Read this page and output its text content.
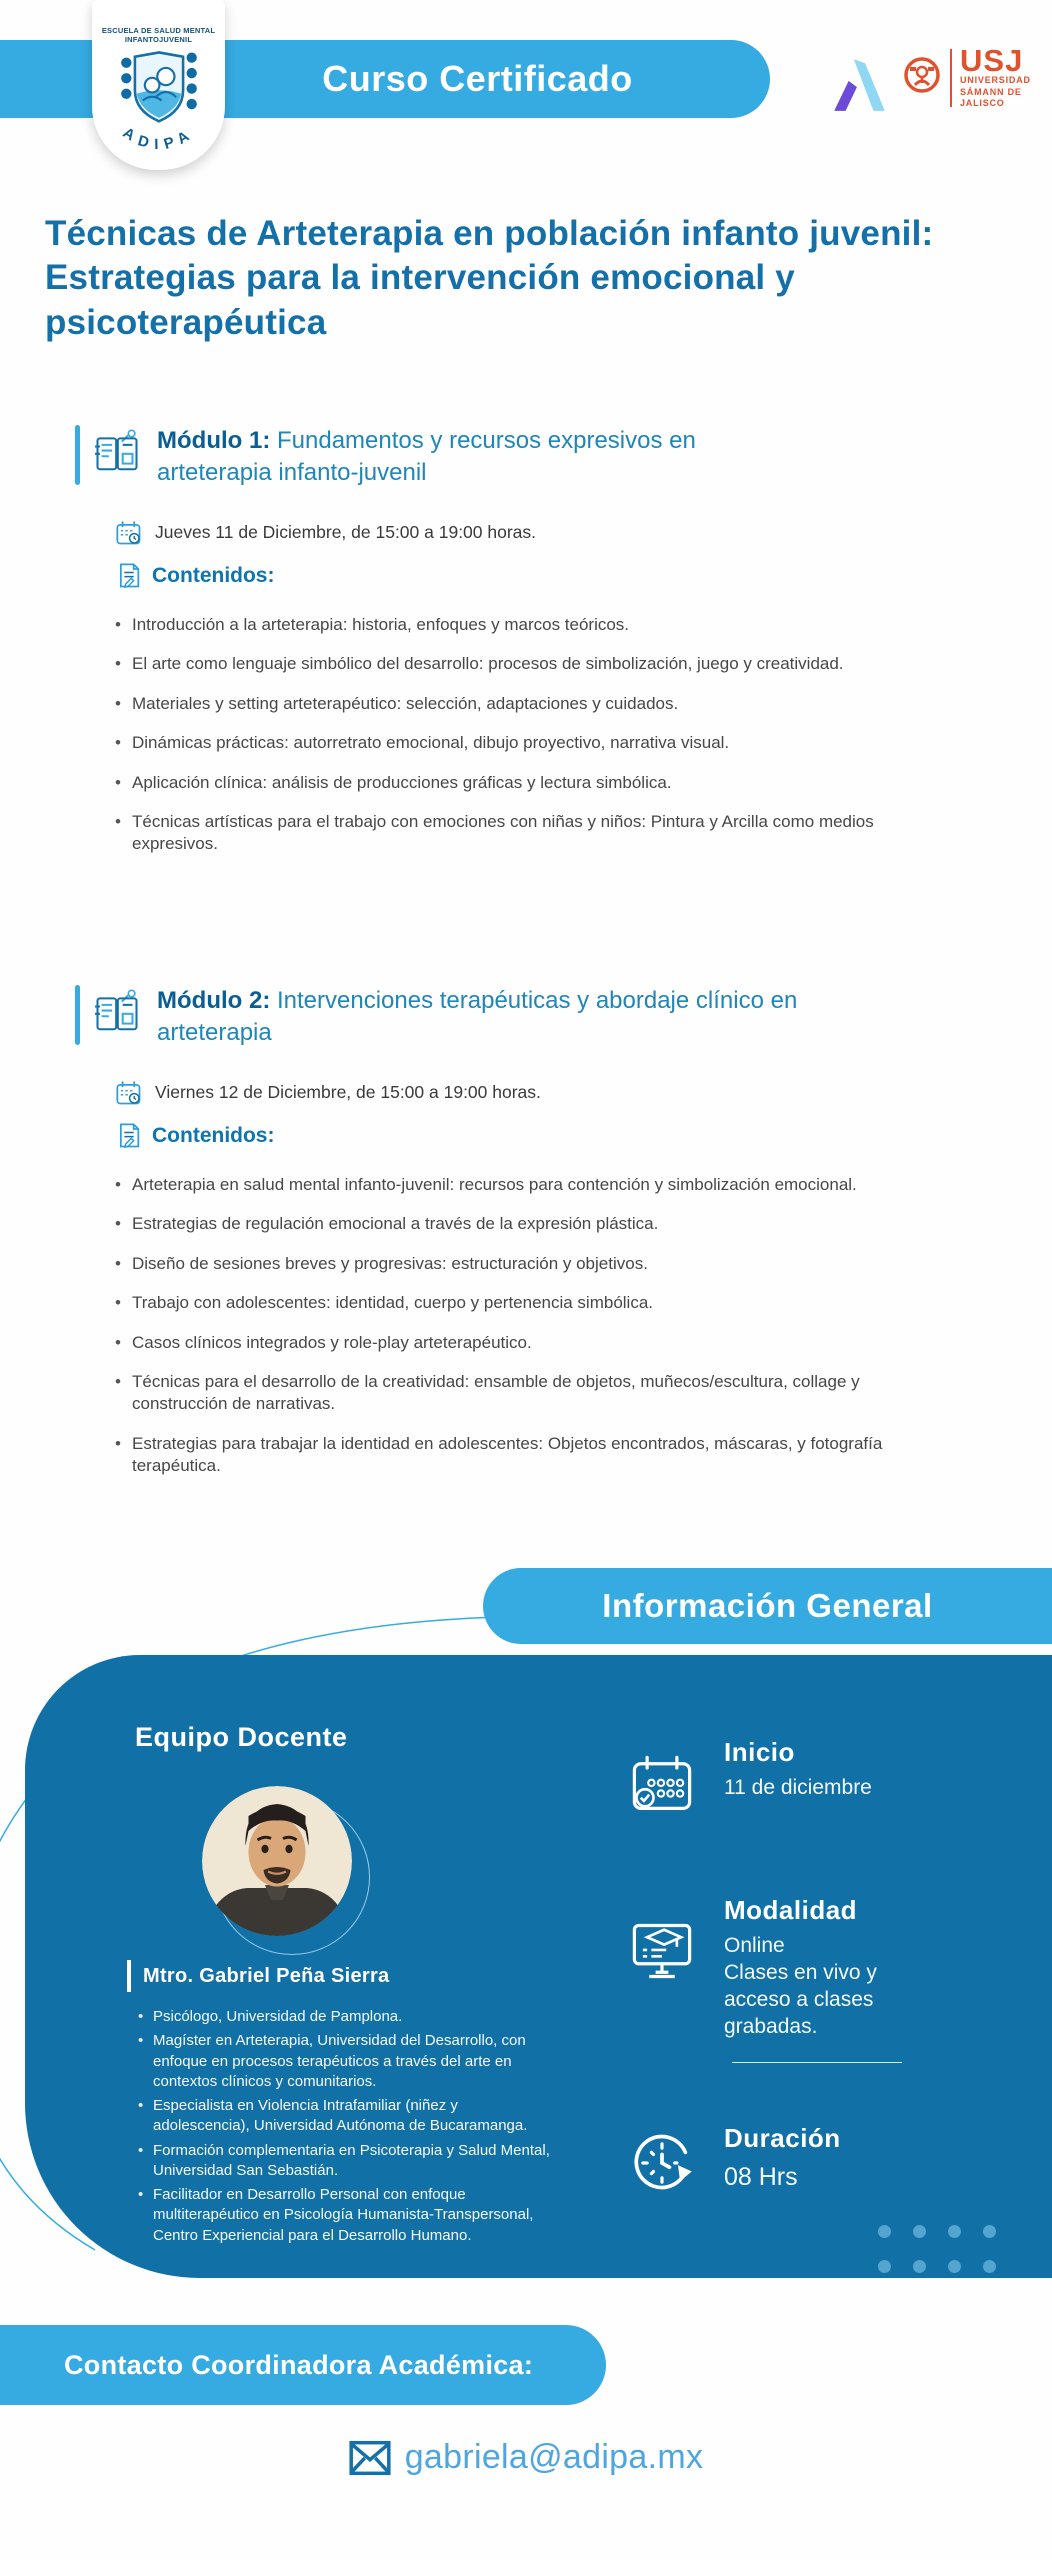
Curso Certificado
ESCUELA DE SALUD MENTAL
INFANTOJUVENIL
ADIPA
USJ
UNIVERSIDAD
SÁMANN DE
JALISCO
Técnicas de Arteterapia en población infanto juvenil: Estrategias para la intervención emocional y psicoterapéutica
Módulo 1: Fundamentos y recursos expresivos en arteterapia infanto-juvenil
Jueves 11 de Diciembre, de 15:00 a 19:00 horas.
Contenidos:
• Introducción a la arteterapia: historia, enfoques y marcos teóricos.
• El arte como lenguaje simbólico del desarrollo: procesos de simbolización, juego y creatividad.
• Materiales y setting arteterapéutico: selección, adaptaciones y cuidados.
• Dinámicas prácticas: autorretrato emocional, dibujo proyectivo, narrativa visual.
• Aplicación clínica: análisis de producciones gráficas y lectura simbólica.
• Técnicas artísticas para el trabajo con emociones con niñas y niños: Pintura y Arcilla como medios expresivos.
Módulo 2: Intervenciones terapéuticas y abordaje clínico en arteterapia
Viernes 12 de Diciembre, de 15:00 a 19:00 horas.
Contenidos:
• Arteterapia en salud mental infanto-juvenil: recursos para contención y simbolización emocional.
• Estrategias de regulación emocional a través de la expresión plástica.
• Diseño de sesiones breves y progresivas: estructuración y objetivos.
• Trabajo con adolescentes: identidad, cuerpo y pertenencia simbólica.
• Casos clínicos integrados y role-play arteterapéutico.
• Técnicas para el desarrollo de la creatividad: ensamble de objetos, muñecos/escultura, collage y construcción de narrativas.
• Estrategias para trabajar la identidad en adolescentes: Objetos encontrados, máscaras, y fotografía terapéutica.
Información General
Equipo Docente
Mtro. Gabriel Peña Sierra
• Psicólogo, Universidad de Pamplona.
• Magíster en Arteterapia, Universidad del Desarrollo, con enfoque en procesos terapéuticos a través del arte en contextos clínicos y comunitarios.
• Especialista en Violencia Intrafamiliar (niñez y adolescencia), Universidad Autónoma de Bucaramanga.
• Formación complementaria en Psicoterapia y Salud Mental, Universidad San Sebastián.
• Facilitador en Desarrollo Personal con enfoque multiterapéutico en Psicología Humanista-Transpersonal, Centro Experiencial para el Desarrollo Humano.
Inicio
11 de diciembre
Modalidad
Online
Clases en vivo y
acceso a clases
grabadas.
Duración
08 Hrs
Contacto Coordinadora Académica:
gabriela@adipa.mx
